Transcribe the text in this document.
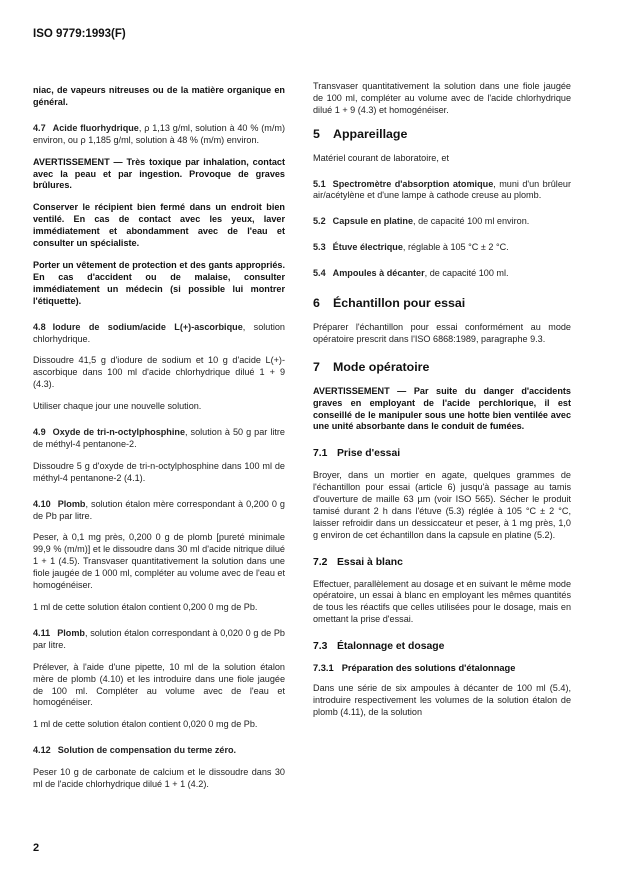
ISO 9779:1993(F)

niac, de vapeurs nitreuses ou de la matière organique en général.

4.7 Acide fluorhydrique, ρ 1,13 g/ml, solution à 40 % (m/m) environ, ou ρ 1,185 g/ml, solution à 48 % (m/m) environ.

AVERTISSEMENT — Très toxique par inhalation, contact avec la peau et par ingestion. Provoque de graves brûlures.

Conserver le récipient bien fermé dans un endroit bien ventilé. En cas de contact avec les yeux, laver immédiatement et abondamment avec de l'eau et consulter un spécialiste.

Porter un vêtement de protection et des gants appropriés. En cas d'accident ou de malaise, consulter immédiatement un médecin (si possible lui montrer l'étiquette).

4.8 Iodure de sodium/acide L(+)-ascorbique, solution chlorhydrique.

Dissoudre 41,5 g d'iodure de sodium et 10 g d'acide L(+)-ascorbique dans 100 ml d'acide chlorhydrique dilué 1 + 9 (4.3).

Utiliser chaque jour une nouvelle solution.

4.9 Oxyde de tri-n-octylphosphine, solution à 50 g par litre de méthyl-4 pentanone-2.

Dissoudre 5 g d'oxyde de tri-n-octylphosphine dans 100 ml de méthyl-4 pentanone-2 (4.1).

4.10 Plomb, solution étalon mère correspondant à 0,200 0 g de Pb par litre.

Peser, à 0,1 mg près, 0,200 0 g de plomb [pureté minimale 99,9 % (m/m)] et le dissoudre dans 30 ml d'acide nitrique dilué 1 + 1 (4.5). Transvaser quantitativement la solution dans une fiole jaugée de 1 000 ml, compléter au volume avec de l'eau et homogénéiser.

1 ml de cette solution étalon contient 0,200 0 mg de Pb.

4.11 Plomb, solution étalon correspondant à 0,020 0 g de Pb par litre.

Prélever, à l'aide d'une pipette, 10 ml de la solution étalon mère de plomb (4.10) et les introduire dans une fiole jaugée de 100 ml. Compléter au volume avec de l'eau et homogénéiser.

1 ml de cette solution étalon contient 0,020 0 mg de Pb.

4.12 Solution de compensation du terme zéro.

Peser 10 g de carbonate de calcium et le dissoudre dans 30 ml de l'acide chlorhydrique dilué 1 + 1 (4.2).

Transvaser quantitativement la solution dans une fiole jaugée de 100 ml, compléter au volume avec de l'acide chlorhydrique dilué 1 + 9 (4.3) et homogénéiser.

5 Appareillage

Matériel courant de laboratoire, et

5.1 Spectromètre d'absorption atomique, muni d'un brûleur air/acétylène et d'une lampe à cathode creuse au plomb.

5.2 Capsule en platine, de capacité 100 ml environ.

5.3 Étuve électrique, réglable à 105 °C ± 2 °C.

5.4 Ampoules à décanter, de capacité 100 ml.

6 Échantillon pour essai

Préparer l'échantillon pour essai conformément au mode opératoire prescrit dans l'ISO 6868:1989, paragraphe 9.3.

7 Mode opératoire

AVERTISSEMENT — Par suite du danger d'accidents graves en employant de l'acide perchlorique, il est conseillé de le manipuler sous une hotte bien ventilée avec une unité absorbante dans le conduit de fumées.

7.1 Prise d'essai

Broyer, dans un mortier en agate, quelques grammes de l'échantillon pour essai (article 6) jusqu'à passage au tamis d'ouverture de maille 63 µm (voir ISO 565). Sécher le produit tamisé durant 2 h dans l'étuve (5.3) réglée à 105 °C ± 2 °C, laisser refroidir dans un dessiccateur et peser, à 1 mg près, 1,0 g environ de cet échantillon dans la capsule en platine (5.2).

7.2 Essai à blanc

Effectuer, parallèlement au dosage et en suivant le même mode opératoire, un essai à blanc en employant les mêmes quantités de tous les réactifs que celles utilisées pour le dosage, mais en omettant la prise d'essai.

7.3 Étalonnage et dosage
7.3.1 Préparation des solutions d'étalonnage

Dans une série de six ampoules à décanter de 100 ml (5.4), introduire respectivement les volumes de la solution étalon de plomb (4.11), de la solution

2
